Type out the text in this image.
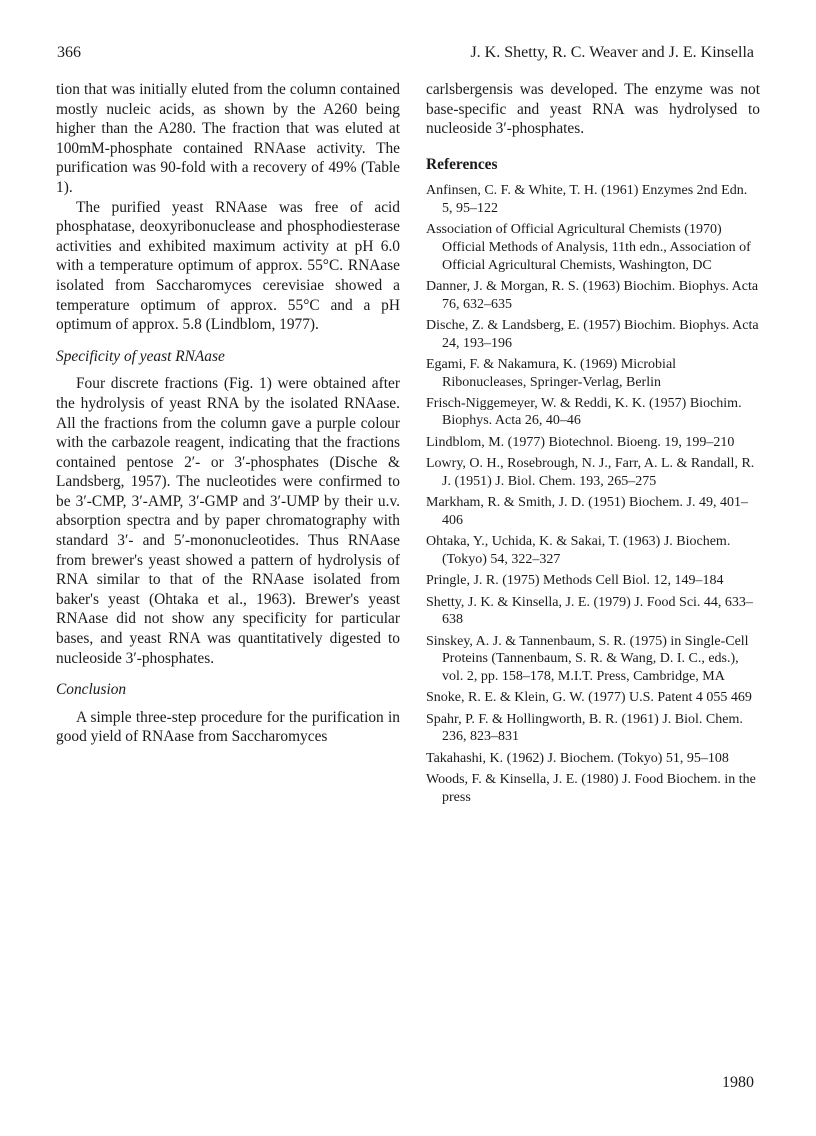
366	J. K. Shetty, R. C. Weaver and J. E. Kinsella

tion that was initially eluted from the column contained mostly nucleic acids, as shown by the A260 being higher than the A280. The fraction that was eluted at 100mM-phosphate contained RNAase activity. The purification was 90-fold with a recovery of 49% (Table 1).

The purified yeast RNAase was free of acid phosphatase, deoxyribonuclease and phosphodiesterase activities and exhibited maximum activity at pH 6.0 with a temperature optimum of approx. 55°C. RNAase isolated from Saccharomyces cerevisiae showed a temperature optimum of approx. 55°C and a pH optimum of approx. 5.8 (Lindblom, 1977).

Specificity of yeast RNAase

Four discrete fractions (Fig. 1) were obtained after the hydrolysis of yeast RNA by the isolated RNAase. All the fractions from the column gave a purple colour with the carbazole reagent, indicating that the fractions contained pentose 2′- or 3′-phosphates (Dische & Landsberg, 1957). The nucleotides were confirmed to be 3′-CMP, 3′-AMP, 3′-GMP and 3′-UMP by their u.v. absorption spectra and by paper chromatography with standard 3′- and 5′-mononucleotides. Thus RNAase from brewer's yeast showed a pattern of hydrolysis of RNA similar to that of the RNAase isolated from baker's yeast (Ohtaka et al., 1963). Brewer's yeast RNAase did not show any specificity for particular bases, and yeast RNA was quantitatively digested to nucleoside 3′-phosphates.

Conclusion

A simple three-step procedure for the purification in good yield of RNAase from Saccharomyces

carlsbergensis was developed. The enzyme was not base-specific and yeast RNA was hydrolysed to nucleoside 3′-phosphates.

References

Anfinsen, C. F. & White, T. H. (1961) Enzymes 2nd Edn. 5, 95–122

Association of Official Agricultural Chemists (1970) Official Methods of Analysis, 11th edn., Association of Official Agricultural Chemists, Washington, DC

Danner, J. & Morgan, R. S. (1963) Biochim. Biophys. Acta 76, 632–635

Dische, Z. & Landsberg, E. (1957) Biochim. Biophys. Acta 24, 193–196

Egami, F. & Nakamura, K. (1969) Microbial Ribonucleases, Springer-Verlag, Berlin

Frisch-Niggemeyer, W. & Reddi, K. K. (1957) Biochim. Biophys. Acta 26, 40–46

Lindblom, M. (1977) Biotechnol. Bioeng. 19, 199–210

Lowry, O. H., Rosebrough, N. J., Farr, A. L. & Randall, R. J. (1951) J. Biol. Chem. 193, 265–275

Markham, R. & Smith, J. D. (1951) Biochem. J. 49, 401–406

Ohtaka, Y., Uchida, K. & Sakai, T. (1963) J. Biochem. (Tokyo) 54, 322–327

Pringle, J. R. (1975) Methods Cell Biol. 12, 149–184

Shetty, J. K. & Kinsella, J. E. (1979) J. Food Sci. 44, 633–638

Sinskey, A. J. & Tannenbaum, S. R. (1975) in Single-Cell Proteins (Tannenbaum, S. R. & Wang, D. I. C., eds.), vol. 2, pp. 158–178, M.I.T. Press, Cambridge, MA

Snoke, R. E. & Klein, G. W. (1977) U.S. Patent 4 055 469

Spahr, P. F. & Hollingworth, B. R. (1961) J. Biol. Chem. 236, 823–831

Takahashi, K. (1962) J. Biochem. (Tokyo) 51, 95–108

Woods, F. & Kinsella, J. E. (1980) J. Food Biochem. in the press

1980
